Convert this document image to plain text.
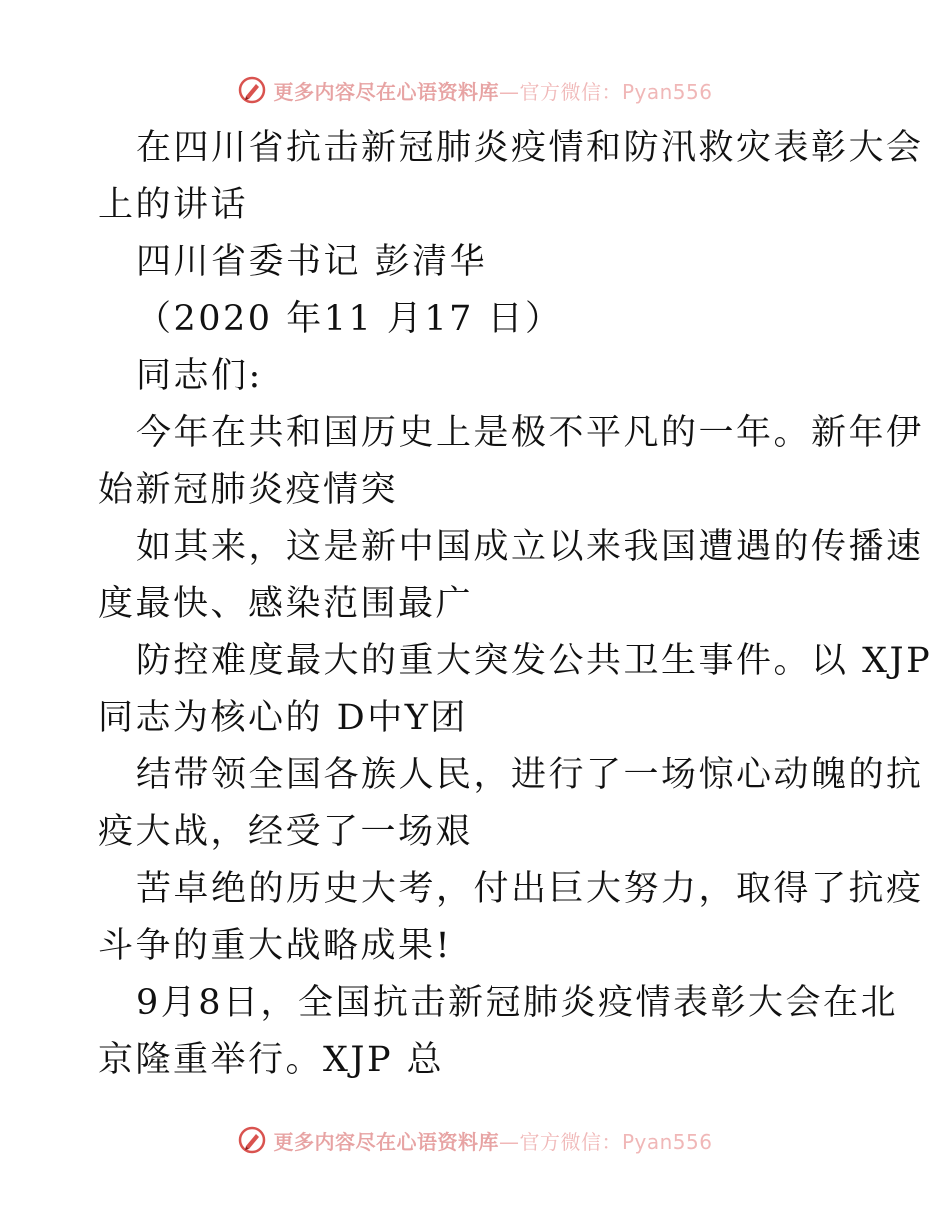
更多内容尽在心语资料库 —官方微信：Pyan556
在四川省抗击新冠肺炎疫情和防汛救灾表彰大会
上的讲话
四川省委书记 彭清华
（2020 年11 月17 日）
同志们:
今年在共和国历史上是极不平凡的一年。新年伊
始新冠肺炎疫情突
如其来，这是新中国成立以来我国遭遇的传播速
度最快、感染范围最广
防控难度最大的重大突发公共卫生事件。以 XJP
同志为核心的 D中Y团
结带领全国各族人民，进行了一场惊心动魄的抗
疫大战，经受了一场艰
苦卓绝的历史大考，付出巨大努力，取得了抗疫
斗争的重大战略成果!
9月8日，全国抗击新冠肺炎疫情表彰大会在北
京隆重举行。XJP 总
更多内容尽在心语资料库 —官方微信：Pyan556
